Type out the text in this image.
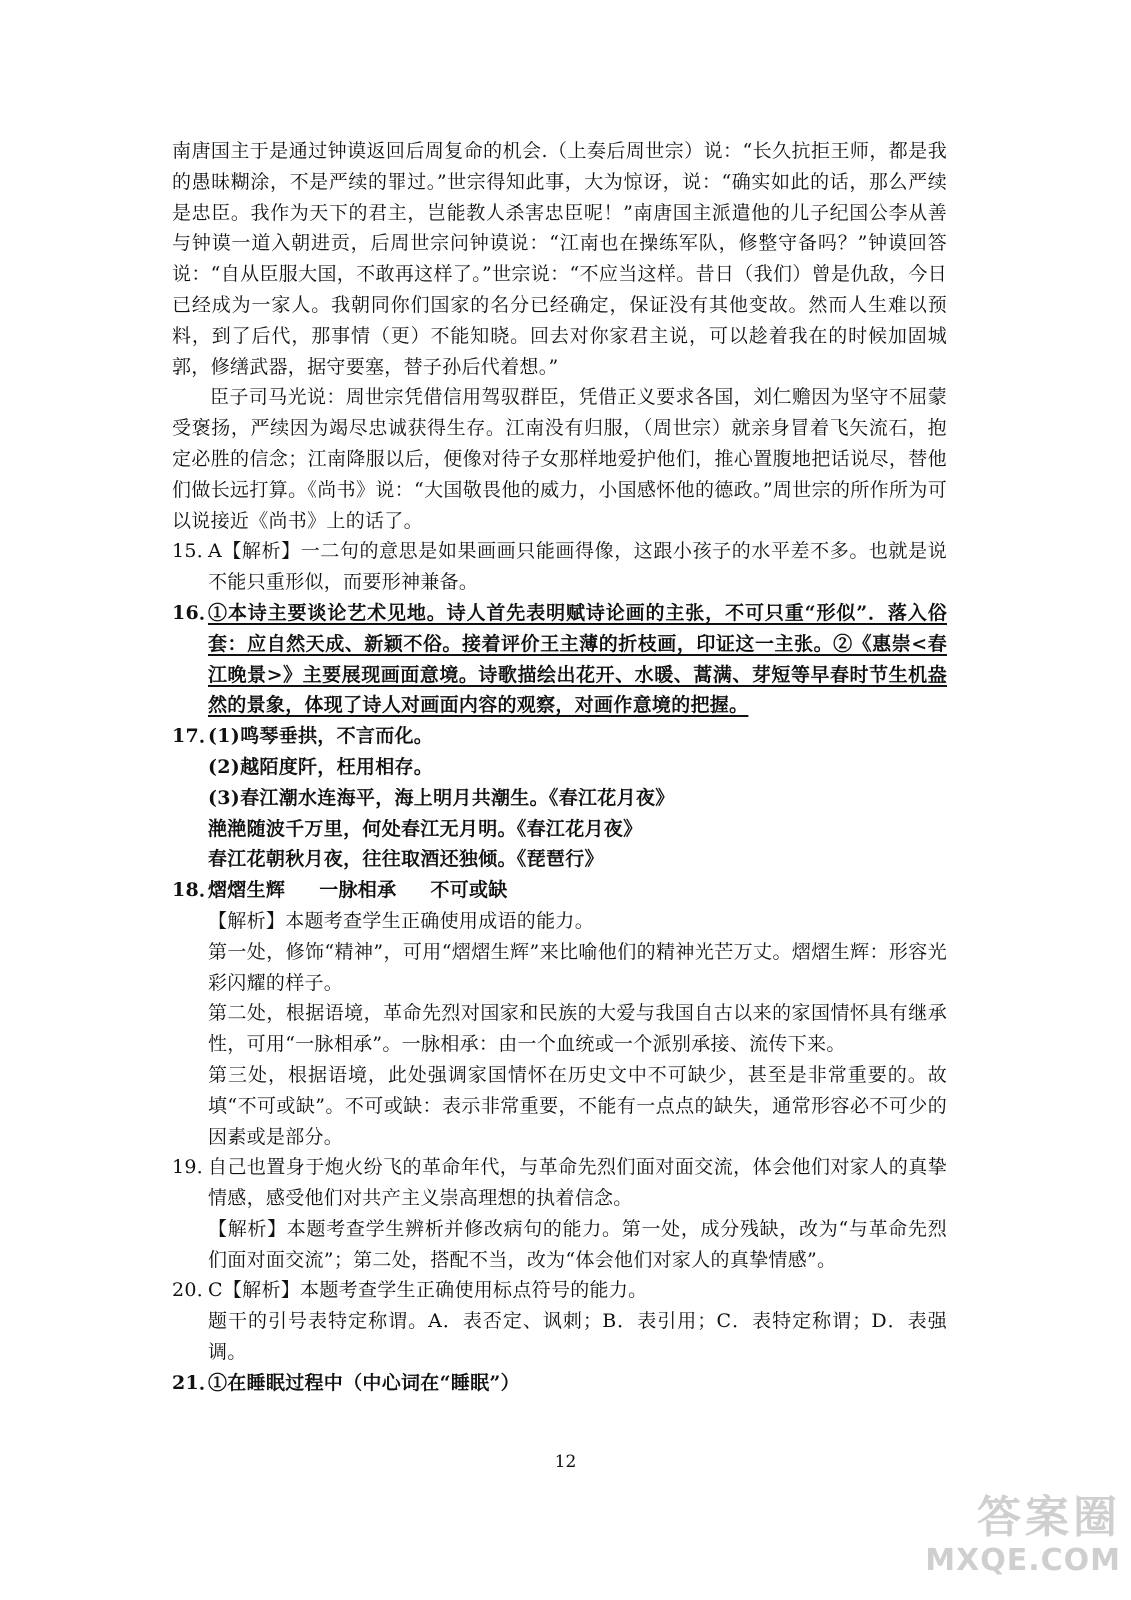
南唐国主于是通过钟谟返回后周复命的机会.（上奏后周世宗）说：“长久抗拒王师，都是我的愚昧糊涂，不是严续的罪过。”世宗得知此事，大为惊讶，说：“确实如此的话，那么严续是忠臣。我作为天下的君主，岂能教人杀害忠臣呢！”南唐国主派遣他的儿子纪国公李从善与钟谟一道入朝进贡，后周世宗问钟谟说：“江南也在操练军队，修整守备吗？”钟谟回答说：“自从臣服大国，不敢再这样了。”世宗说：“不应当这样。昔日（我们）曾是仇敌，今日已经成为一家人。我朝同你们国家的名分已经确定，保证没有其他变故。然而人生难以预料，到了后代，那事情（更）不能知晓。回去对你家君主说，可以趁着我在的时候加固城郭，修缮武器，据守要塞，替子孙后代着想。”

臣子司马光说：周世宗凭借信用驾驭群臣，凭借正义要求各国，刘仁赡因为坚守不屈蒙受褒扬，严续因为竭尽忠诚获得生存。江南没有归服，（周世宗）就亲身冒着飞矢流石，抱定必胜的信念；江南降服以后，便像对待子女那样地爱护他们，推心置腹地把话说尽，替他们做长远打算。《尚书》说：“大国敬畏他的威力，小国感怀他的德政。”周世宗的所作所为可以说接近《尚书》上的话了。

15．
A【解析】一二句的意思是如果画画只能画得像，这跟小孩子的水平差不多。也就是说不能只重形似，而要形神兼备。
16．
①本诗主要谈论艺术见地。诗人首先表明赋诗论画的主张，不可只重“形似”．落入俗套：应自然天成、新颖不俗。接着评价王主薄的折枝画，印证这一主张。②《惠崇<春江晚景>》主要展现画面意境。诗歌描绘出花开、水暖、蒿满、芽短等早春时节生机盎然的景象，体现了诗人对画面内容的观察，对画作意境的把握。
17．

(1)鸣琴垂拱，不言而化。

(2)越陌度阡，枉用相存。

(3)春江潮水连海平，海上明月共潮生。《春江花月夜》

滟滟随波千万里，何处春江无月明。《春江花月夜》

春江花朝秋月夜，往往取酒还独倾。《琵琶行》

18．

熠熠生辉 一脉相承 不可或缺

【解析】本题考查学生正确使用成语的能力。

第一处，修饰“精神”，可用“熠熠生辉”来比喻他们的精神光芒万丈。熠熠生辉：形容光彩闪耀的样子。

第二处，根据语境，革命先烈对国家和民族的大爱与我国自古以来的家国情怀具有继承性，可用“一脉相承”。一脉相承：由一个血统或一个派别承接、流传下来。

第三处，根据语境，此处强调家国情怀在历史文中不可缺少，甚至是非常重要的。故填“不可或缺”。不可或缺：表示非常重要，不能有一点点的缺失，通常形容必不可少的因素或是部分。

19．

自己也置身于炮火纷飞的革命年代，与革命先烈们面对面交流，体会他们对家人的真挚情感，感受他们对共产主义崇高理想的执着信念。

【解析】本题考查学生辨析并修改病句的能力。第一处，成分残缺，改为“与革命先烈们面对面交流”；第二处，搭配不当，改为“体会他们对家人的真挚情感”。

20．

C【解析】本题考查学生正确使用标点符号的能力。

题干的引号表特定称谓。A．表否定、讽刺；B．表引用；C．表特定称谓；D．表强调。

21．
①在睡眠过程中（中心词在“睡眠”）
12
答案圈
MXQE.COM
